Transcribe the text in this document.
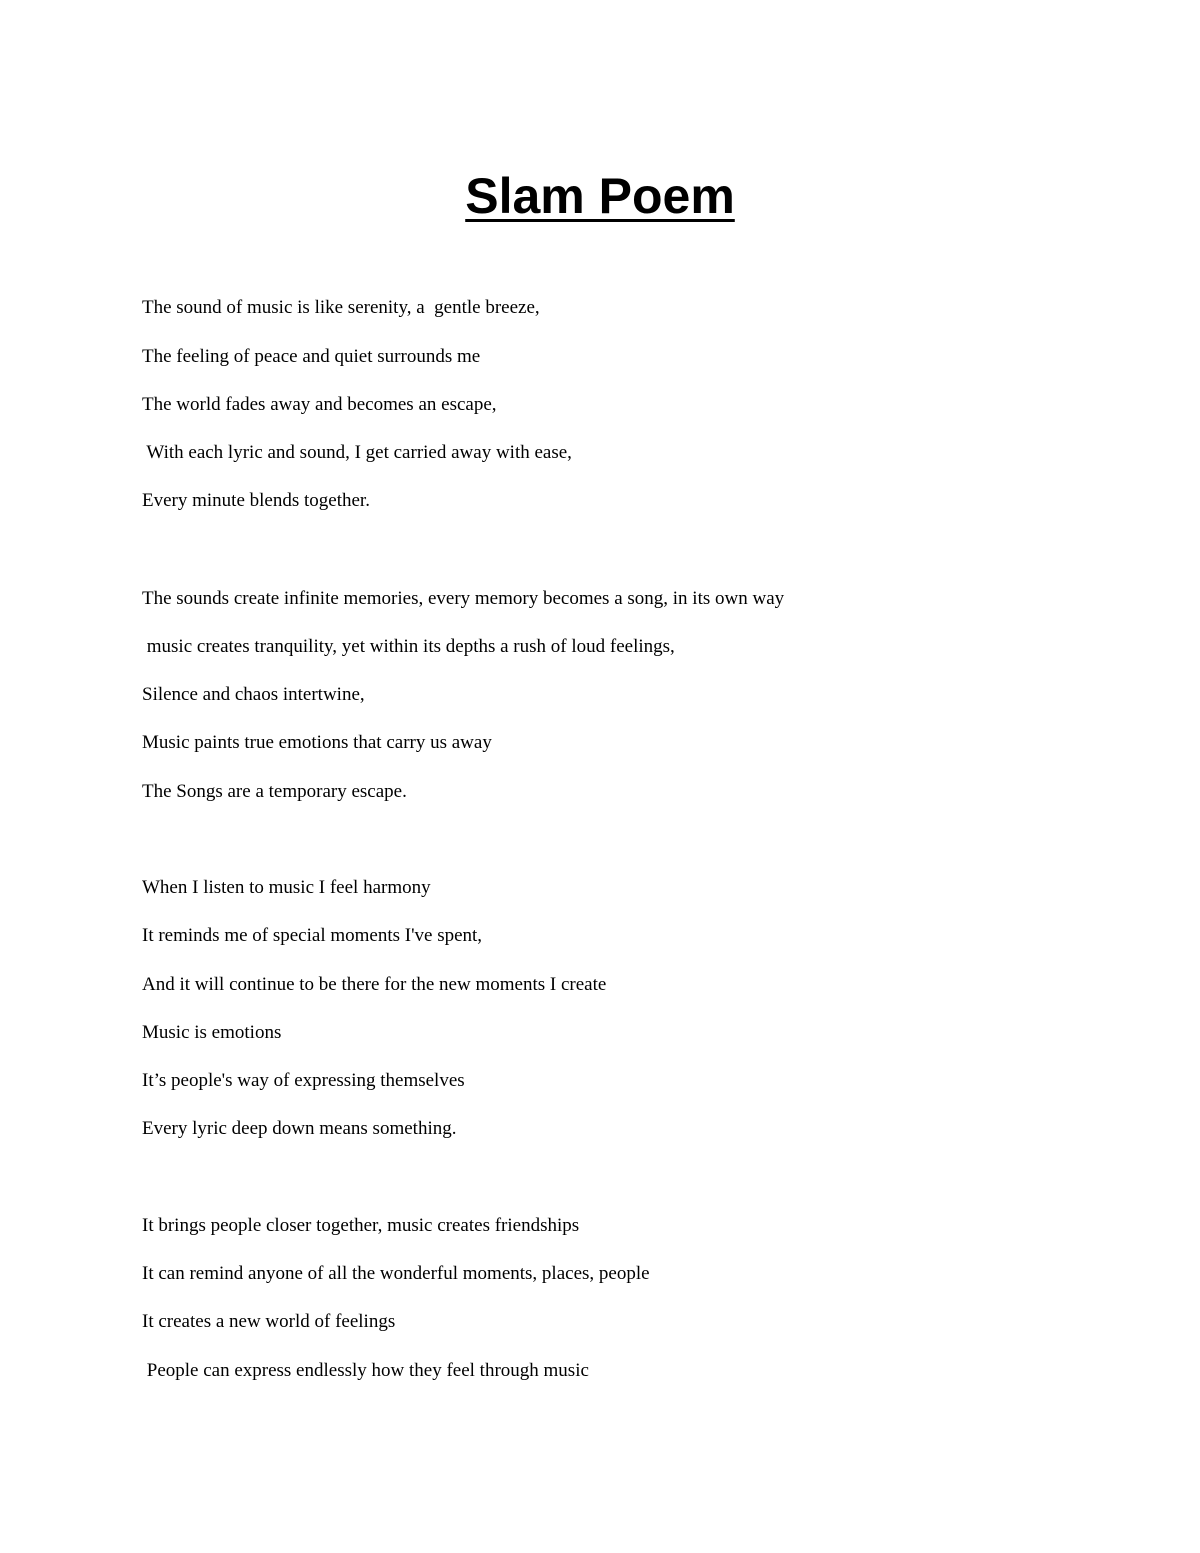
Slam Poem

The sound of music is like serenity, a  gentle breeze,

The feeling of peace and quiet surrounds me

The world fades away and becomes an escape,

With each lyric and sound, I get carried away with ease,

Every minute blends together.

The sounds create infinite memories, every memory becomes a song, in its own way

music creates tranquility, yet within its depths a rush of loud feelings,

Silence and chaos intertwine,

Music paints true emotions that carry us away

The Songs are a temporary escape.

When I listen to music I feel harmony

It reminds me of special moments I've spent,

And it will continue to be there for the new moments I create

Music is emotions

It’s people's way of expressing themselves

Every lyric deep down means something.

It brings people closer together, music creates friendships

It can remind anyone of all the wonderful moments, places, people

It creates a new world of feelings

People can express endlessly how they feel through music
